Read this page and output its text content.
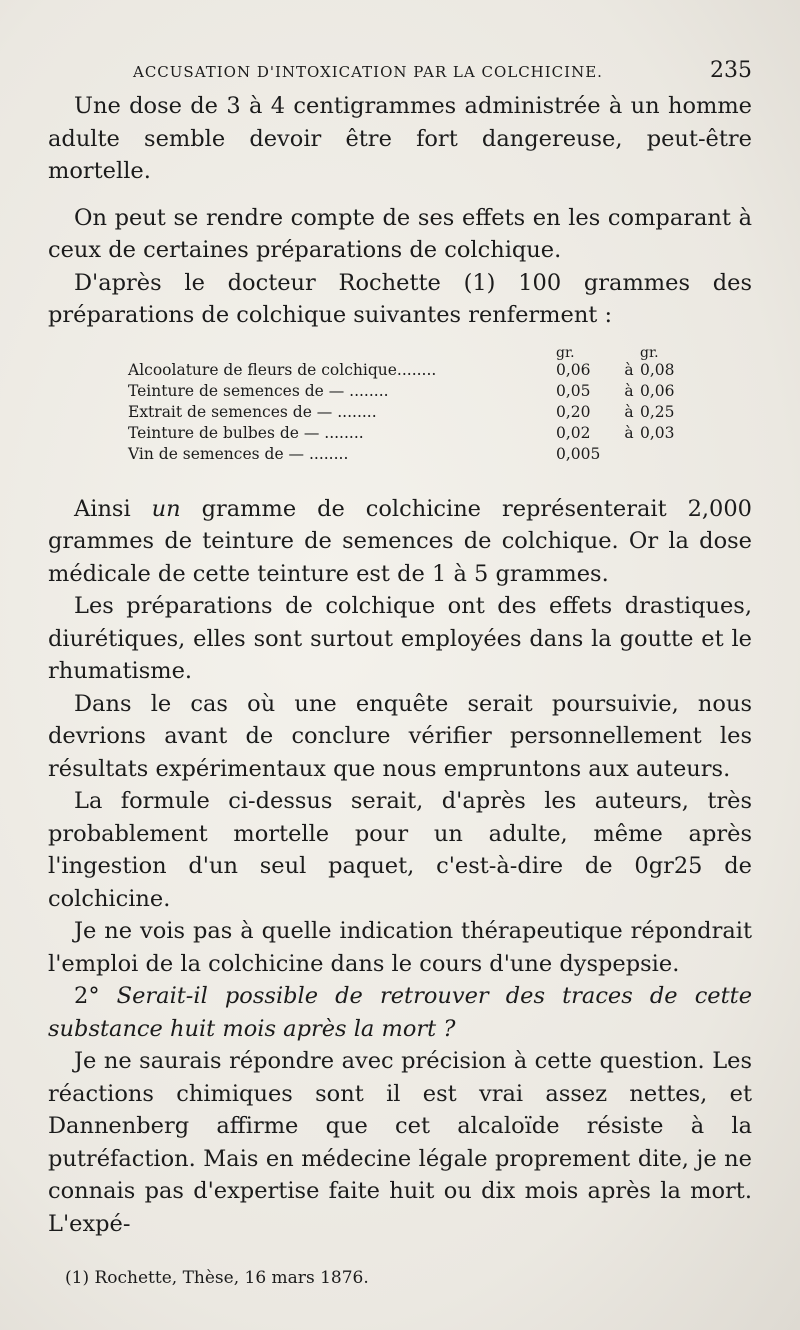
ACCUSATION D'INTOXICATION PAR LA COLCHICINE.	235

Une dose de 3 à 4 centigrammes administrée à un homme adulte semble devoir être fort dangereuse, peut-être mortelle.

On peut se rendre compte de ses effets en les comparant à ceux de certaines préparations de colchique.

D'après le docteur Rochette (1) 100 grammes des préparations de colchique suivantes renferment :

	gr.		gr.
Alcoolature de fleurs de colchique........	0,06	à	0,08
Teinture de semences de — ........	0,05	à	0,06
Extrait de semences de — ........	0,20	à	0,25
Teinture de bulbes de — ........	0,02	à	0,03
Vin de semences de — ........	0,005		

Ainsi un gramme de colchicine représenterait 2,000 grammes de teinture de semences de colchique. Or la dose médicale de cette teinture est de 1 à 5 grammes.

Les préparations de colchique ont des effets drastiques, diurétiques, elles sont surtout employées dans la goutte et le rhumatisme.

Dans le cas où une enquête serait poursuivie, nous devrions avant de conclure vérifier personnellement les résultats expérimentaux que nous empruntons aux auteurs.

La formule ci-dessus serait, d'après les auteurs, très probablement mortelle pour un adulte, même après l'ingestion d'un seul paquet, c'est-à-dire de 0gr25 de colchicine.

Je ne vois pas à quelle indication thérapeutique répondrait l'emploi de la colchicine dans le cours d'une dyspepsie.

2° Serait-il possible de retrouver des traces de cette substance huit mois après la mort ?

Je ne saurais répondre avec précision à cette question. Les réactions chimiques sont il est vrai assez nettes, et Dannenberg affirme que cet alcaloïde résiste à la putréfaction. Mais en médecine légale proprement dite, je ne connais pas d'expertise faite huit ou dix mois après la mort. L'expé-

(1) Rochette, Thèse, 16 mars 1876.
